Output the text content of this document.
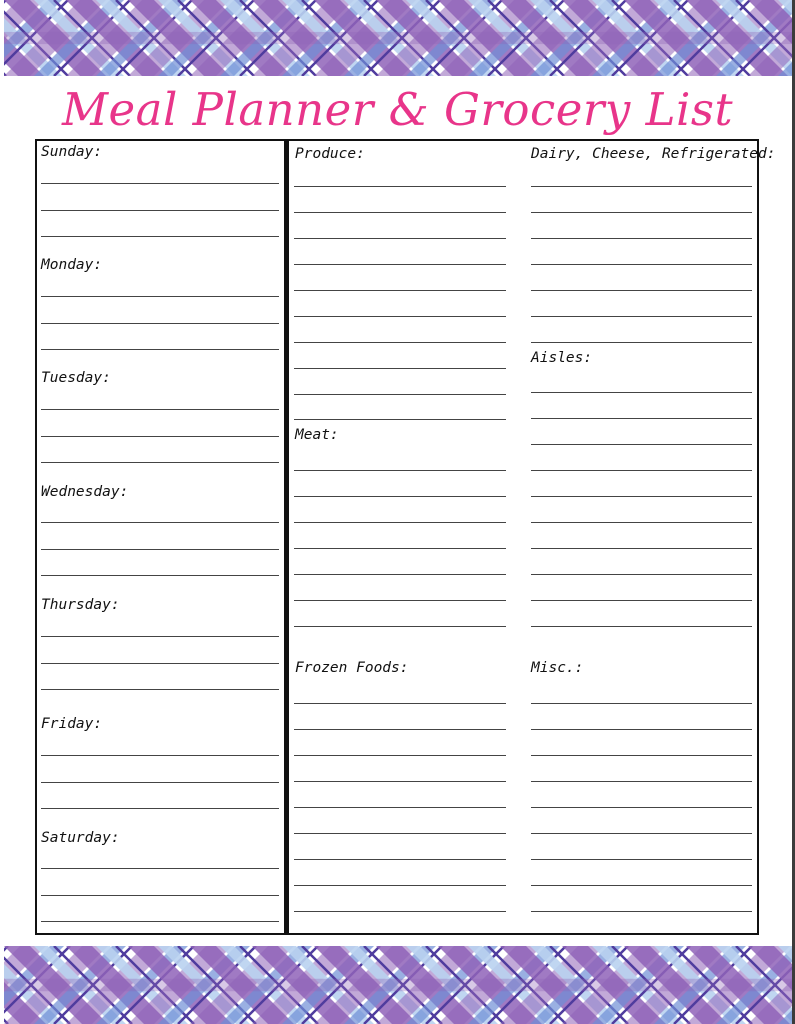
Meal Planner & Grocery List
Sunday:
Monday:
Tuesday:
Wednesday:
Thursday:
Friday:
Saturday:
Produce:	Dairy, Cheese, Refrigerated:
Aisles:
Meat:
Frozen Foods:	Misc.:
